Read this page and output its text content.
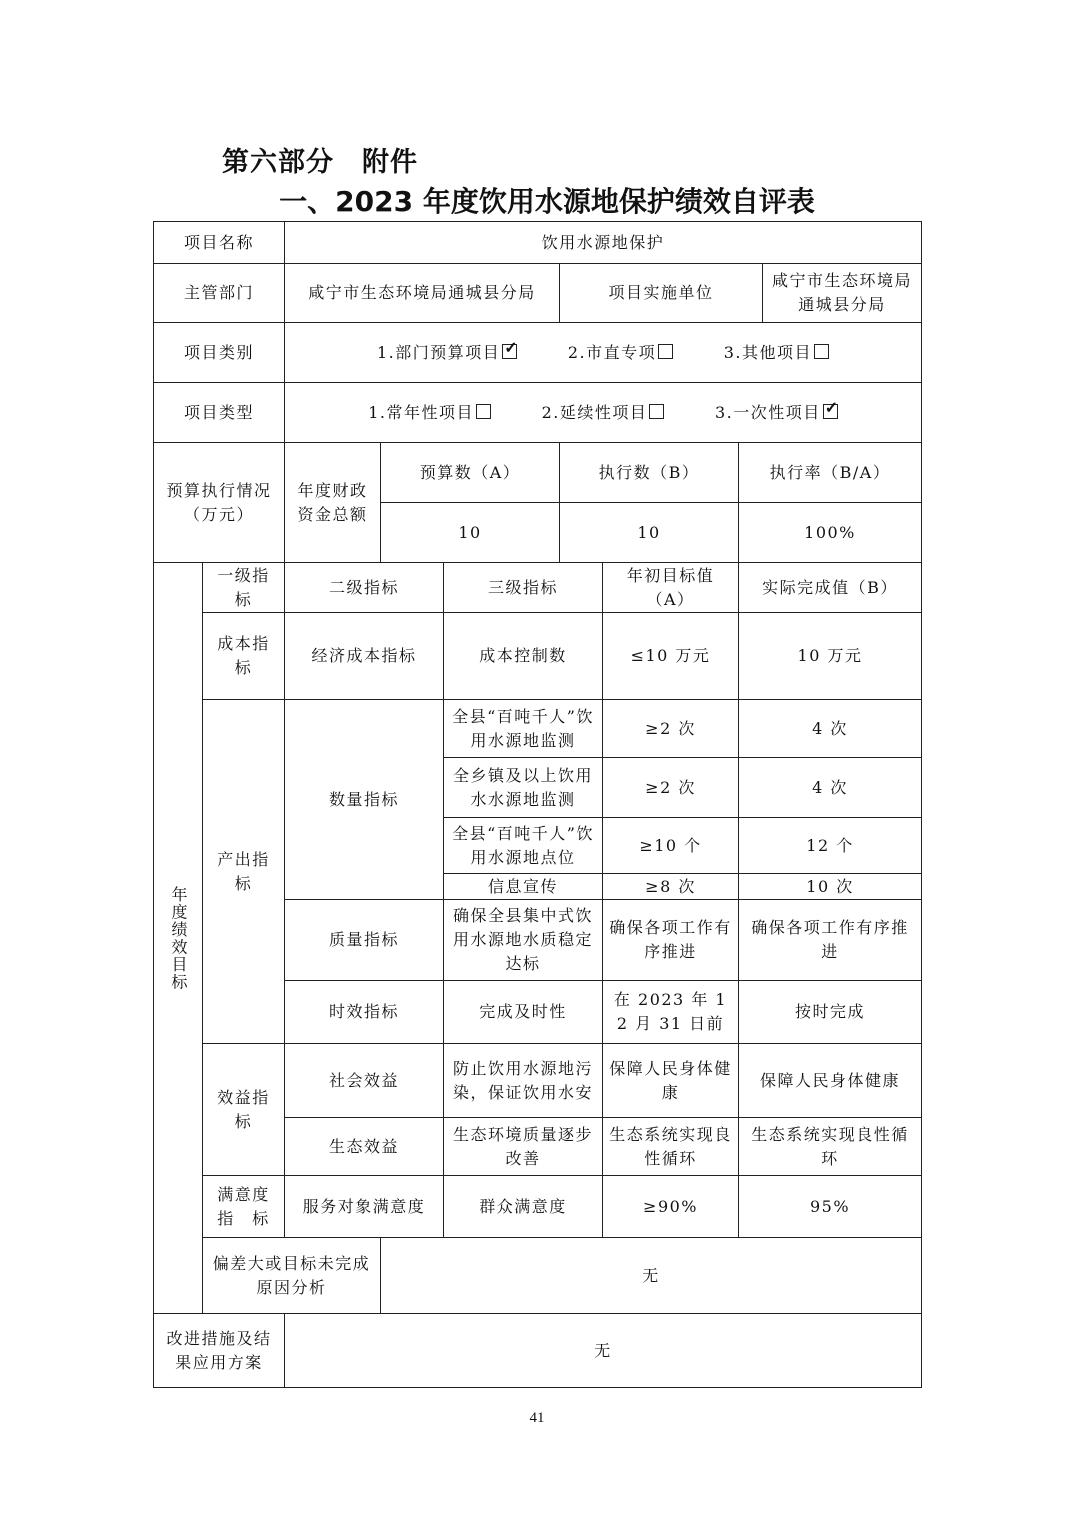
第六部分　附件
一、2023 年度饮用水源地保护绩效自评表
项目名称		饮用水源地保护						
主管部门		咸宁市生态环境局通城县分局			项目实施单位			咸宁市生态环境局通城县分局
项目类别		1.部门预算项目 ✓ 2.市直专项 3.其他项目
项目类型		1.常年性项目 2.延续性项目 3.一次性项目✓
预算执行情况（万元）		年度财政资金总额	预算数（A）		执行数（B）		执行率（B/A）	
			10		10		100%	
年度绩效目标	一级指标	二级指标		三级指标		年初目标值（A）	实际完成值（B）	
	成本指标	经济成本指标		成本控制数		≤10 万元	10 万元	
	产出指标	数量指标		全县“百吨千人”饮用水源地监测		≥2 次	4 次	
				全乡镇及以上饮用水水源地监测		≥2 次	4 次	
				全县“百吨千人”饮用水源地点位		≥10 个	12 个	
				信息宣传		≥8 次	10 次	
		质量指标		确保全县集中式饮用水源地水质稳定达标		确保各项工作有序推进	确保各项工作有序推进	
		时效指标		完成及时性		在 2023 年 12 月 31 日前	按时完成	
	效益指标	社会效益		防止饮用水源地污染，保证饮用水安		保障人民身体健康	保障人民身体健康	
		生态效益		生态环境质量逐步改善		生态系统实现良性循环	生态系统实现良性循环	
	满意度指　标	服务对象满意度		群众满意度		≥90%	95%	
	偏差大或目标未完成原因分析		无					
改进措施及结果应用方案		无						
41
